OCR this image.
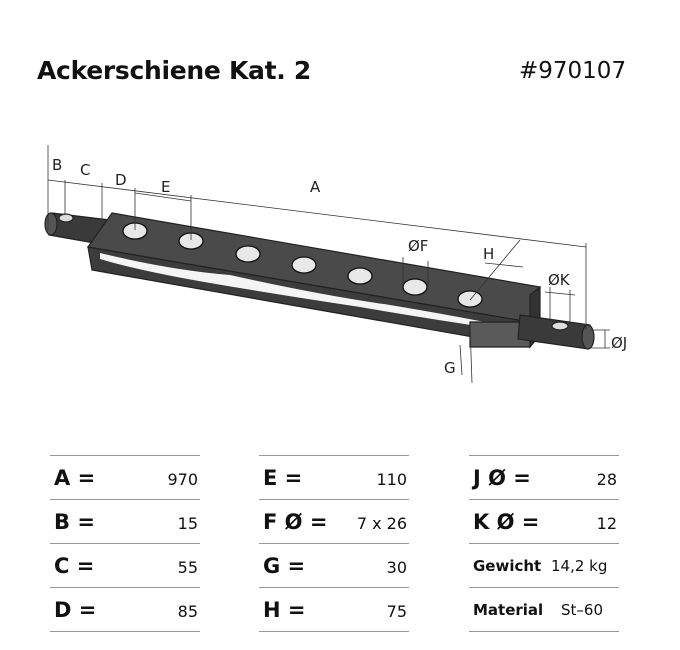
Ackerschiene Kat. 2	#970107
B C
D E	A
ØF	H
ØK
ØJ
G
A =	970
B =	15
C =	55
D =	85
E =	110
F Ø = 7 x 26
G =	30
H =	75
J Ø =	28
K Ø =	12
Gewicht 14,2 kg
Material St–60
